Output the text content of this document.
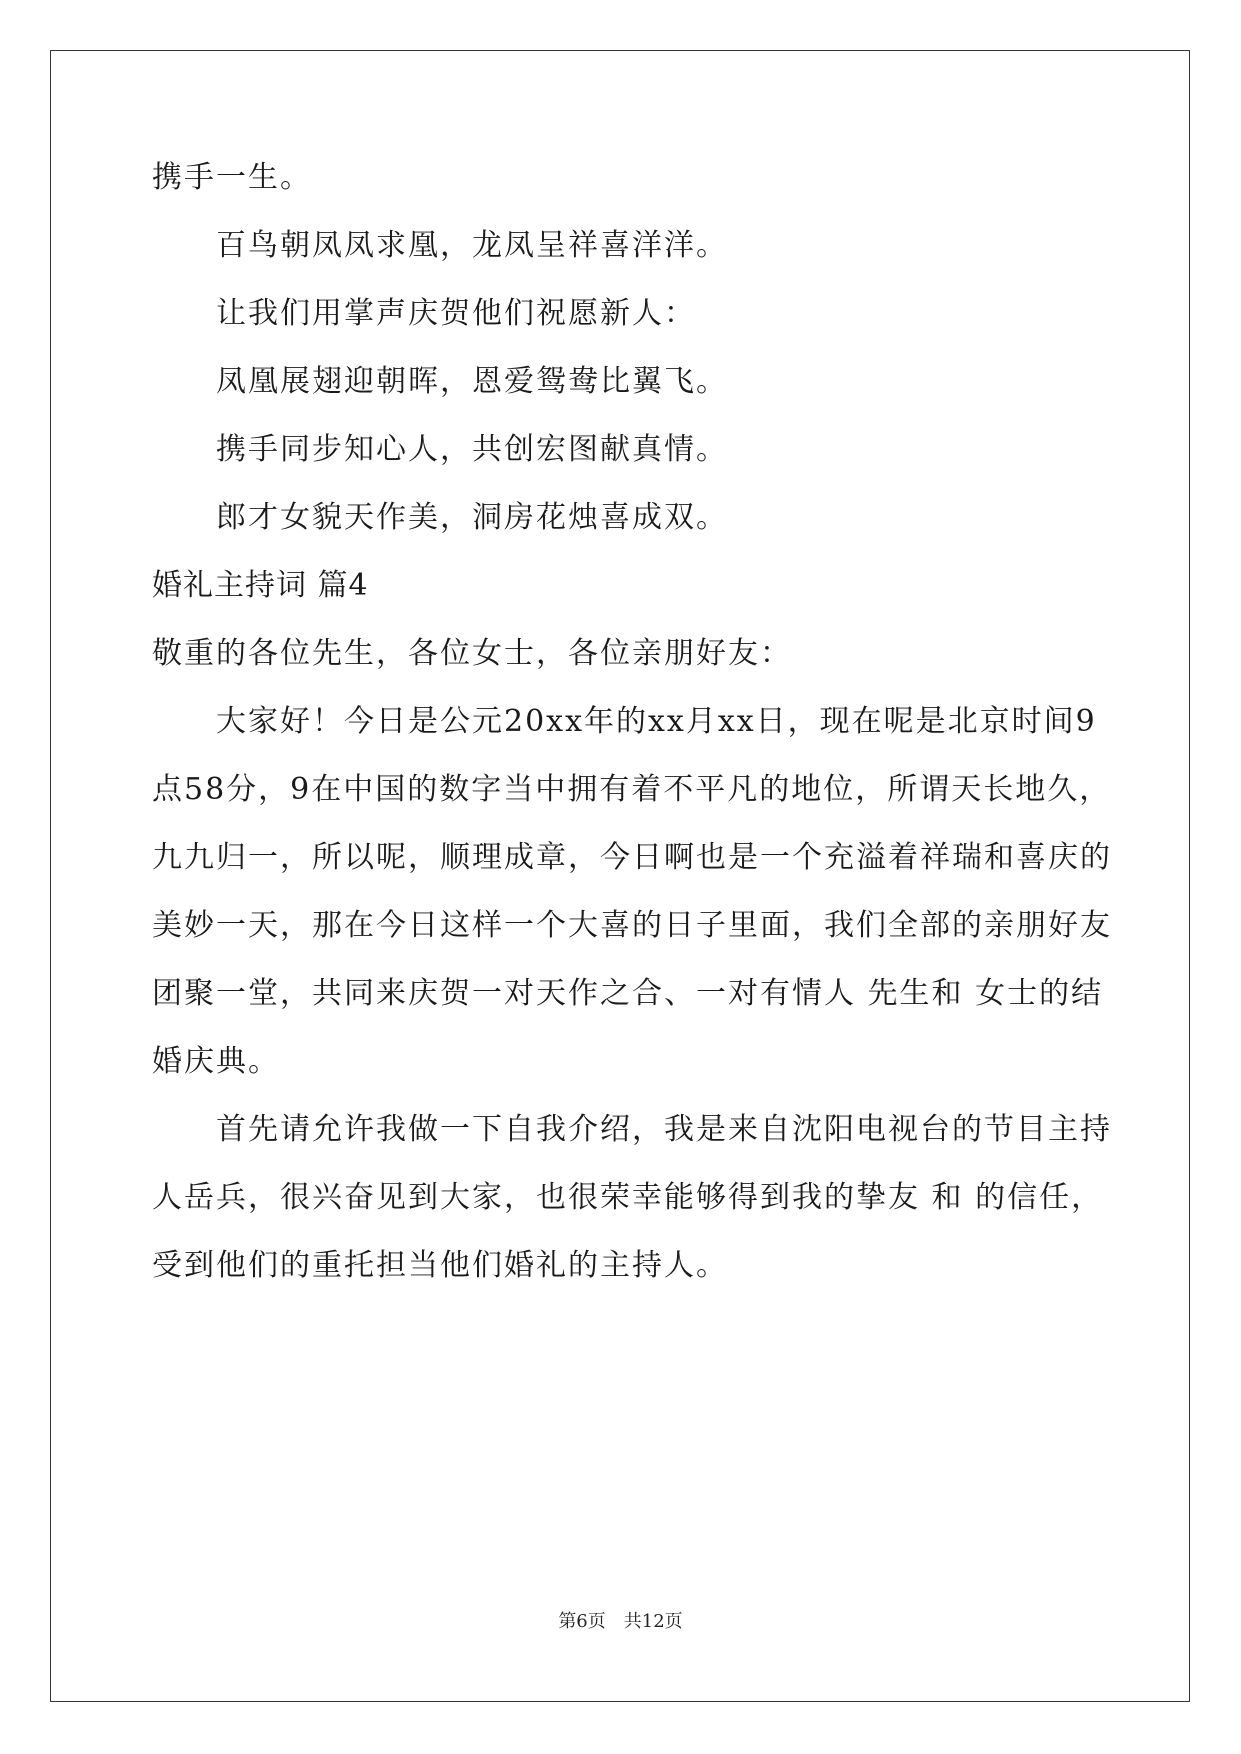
携手一生。
百鸟朝凤凤求凰，龙凤呈祥喜洋洋。
让我们用掌声庆贺他们祝愿新人：
凤凰展翅迎朝晖，恩爱鸳鸯比翼飞。
携手同步知心人，共创宏图献真情。
郎才女貌天作美，洞房花烛喜成双。
婚礼主持词 篇4
敬重的各位先生，各位女士，各位亲朋好友：
大家好！今日是公元20xx年的xx月xx日，现在呢是北京时间9
点58分，9在中国的数字当中拥有着不平凡的地位，所谓天长地久，
九九归一，所以呢，顺理成章，今日啊也是一个充溢着祥瑞和喜庆的
美妙一天，那在今日这样一个大喜的日子里面，我们全部的亲朋好友
团聚一堂，共同来庆贺一对天作之合、一对有情人 先生和 女士的结
婚庆典。
首先请允许我做一下自我介绍，我是来自沈阳电视台的节目主持
人岳兵，很兴奋见到大家，也很荣幸能够得到我的挚友 和 的信任，
受到他们的重托担当他们婚礼的主持人。
第6页 共12页
